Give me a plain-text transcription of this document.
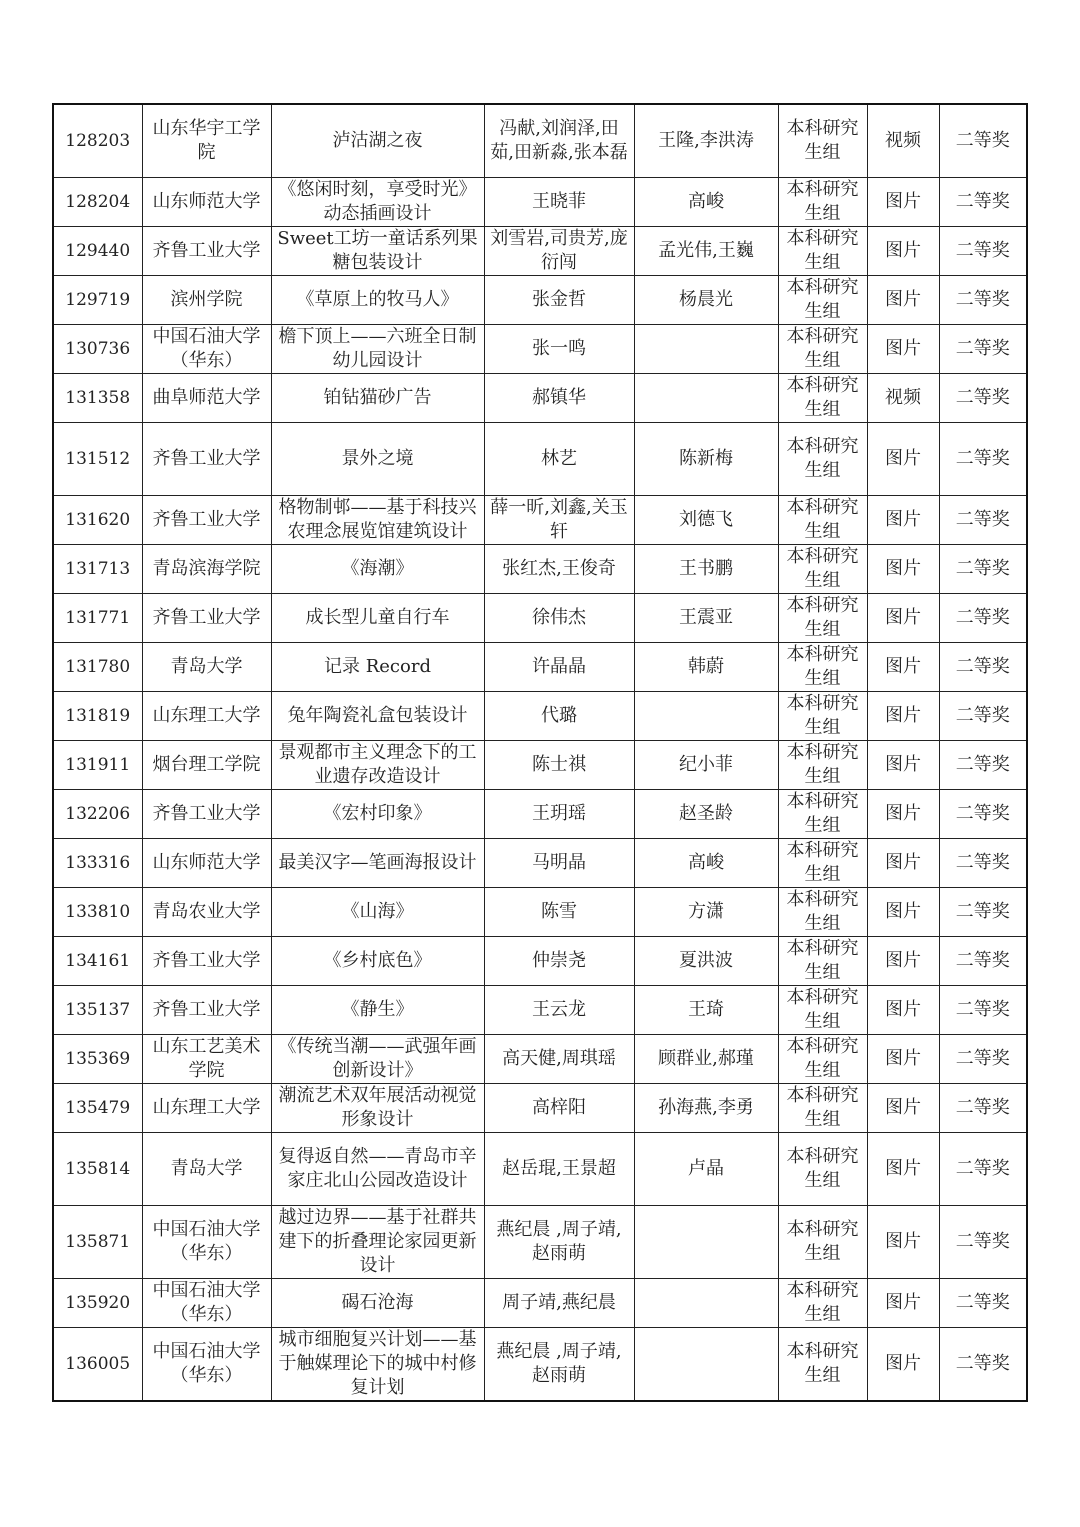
128203	山东华宇工学院	泸沽湖之夜	冯献,刘润泽,田茹,田新淼,张本磊	王隆,李洪涛	本科研究生组	视频	二等奖
128204	山东师范大学	《悠闲时刻，享受时光》动态插画设计	王晓菲	高峻	本科研究生组	图片	二等奖
129440	齐鲁工业大学	Sweet工坊一童话系列果糖包装设计	刘雪岩,司贵芳,庞衍闯	孟光伟,王巍	本科研究生组	图片	二等奖
129719	滨州学院	《草原上的牧马人》	张金哲	杨晨光	本科研究生组	图片	二等奖
130736	中国石油大学（华东）	檐下顶上——六班全日制幼儿园设计	张一鸣		本科研究生组	图片	二等奖
131358	曲阜师范大学	铂钻猫砂广告	郝镇华		本科研究生组	视频	二等奖
131512	齐鲁工业大学	景外之境	林艺	陈新梅	本科研究生组	图片	二等奖
131620	齐鲁工业大学	格物制邨——基于科技兴农理念展览馆建筑设计	薛一昕,刘鑫,关玉轩	刘德飞	本科研究生组	图片	二等奖
131713	青岛滨海学院	《海潮》	张红杰,王俊奇	王书鹏	本科研究生组	图片	二等奖
131771	齐鲁工业大学	成长型儿童自行车	徐伟杰	王震亚	本科研究生组	图片	二等奖
131780	青岛大学	记录 Record	许晶晶	韩蔚	本科研究生组	图片	二等奖
131819	山东理工大学	兔年陶瓷礼盒包装设计	代璐		本科研究生组	图片	二等奖
131911	烟台理工学院	景观都市主义理念下的工业遗存改造设计	陈士祺	纪小菲	本科研究生组	图片	二等奖
132206	齐鲁工业大学	《宏村印象》	王玥瑶	赵圣龄	本科研究生组	图片	二等奖
133316	山东师范大学	最美汉字—笔画海报设计	马明晶	高峻	本科研究生组	图片	二等奖
133810	青岛农业大学	《山海》	陈雪	方潇	本科研究生组	图片	二等奖
134161	齐鲁工业大学	《乡村底色》	仲崇尧	夏洪波	本科研究生组	图片	二等奖
135137	齐鲁工业大学	《静生》	王云龙	王琦	本科研究生组	图片	二等奖
135369	山东工艺美术学院	《传统当潮——武强年画创新设计》	高天健,周琪瑶	顾群业,郝瑾	本科研究生组	图片	二等奖
135479	山东理工大学	潮流艺术双年展活动视觉形象设计	高梓阳	孙海燕,李勇	本科研究生组	图片	二等奖
135814	青岛大学	复得返自然——青岛市辛家庄北山公园改造设计	赵岳琨,王景超	卢晶	本科研究生组	图片	二等奖
135871	中国石油大学（华东）	越过边界——基于社群共建下的折叠理论家园更新设计	燕纪晨 ,周子靖,赵雨萌		本科研究生组	图片	二等奖
135920	中国石油大学（华东）	碣石沧海	周子靖,燕纪晨		本科研究生组	图片	二等奖
136005	中国石油大学（华东）	城市细胞复兴计划——基于触媒理论下的城中村修复计划	燕纪晨 ,周子靖,赵雨萌		本科研究生组	图片	二等奖
